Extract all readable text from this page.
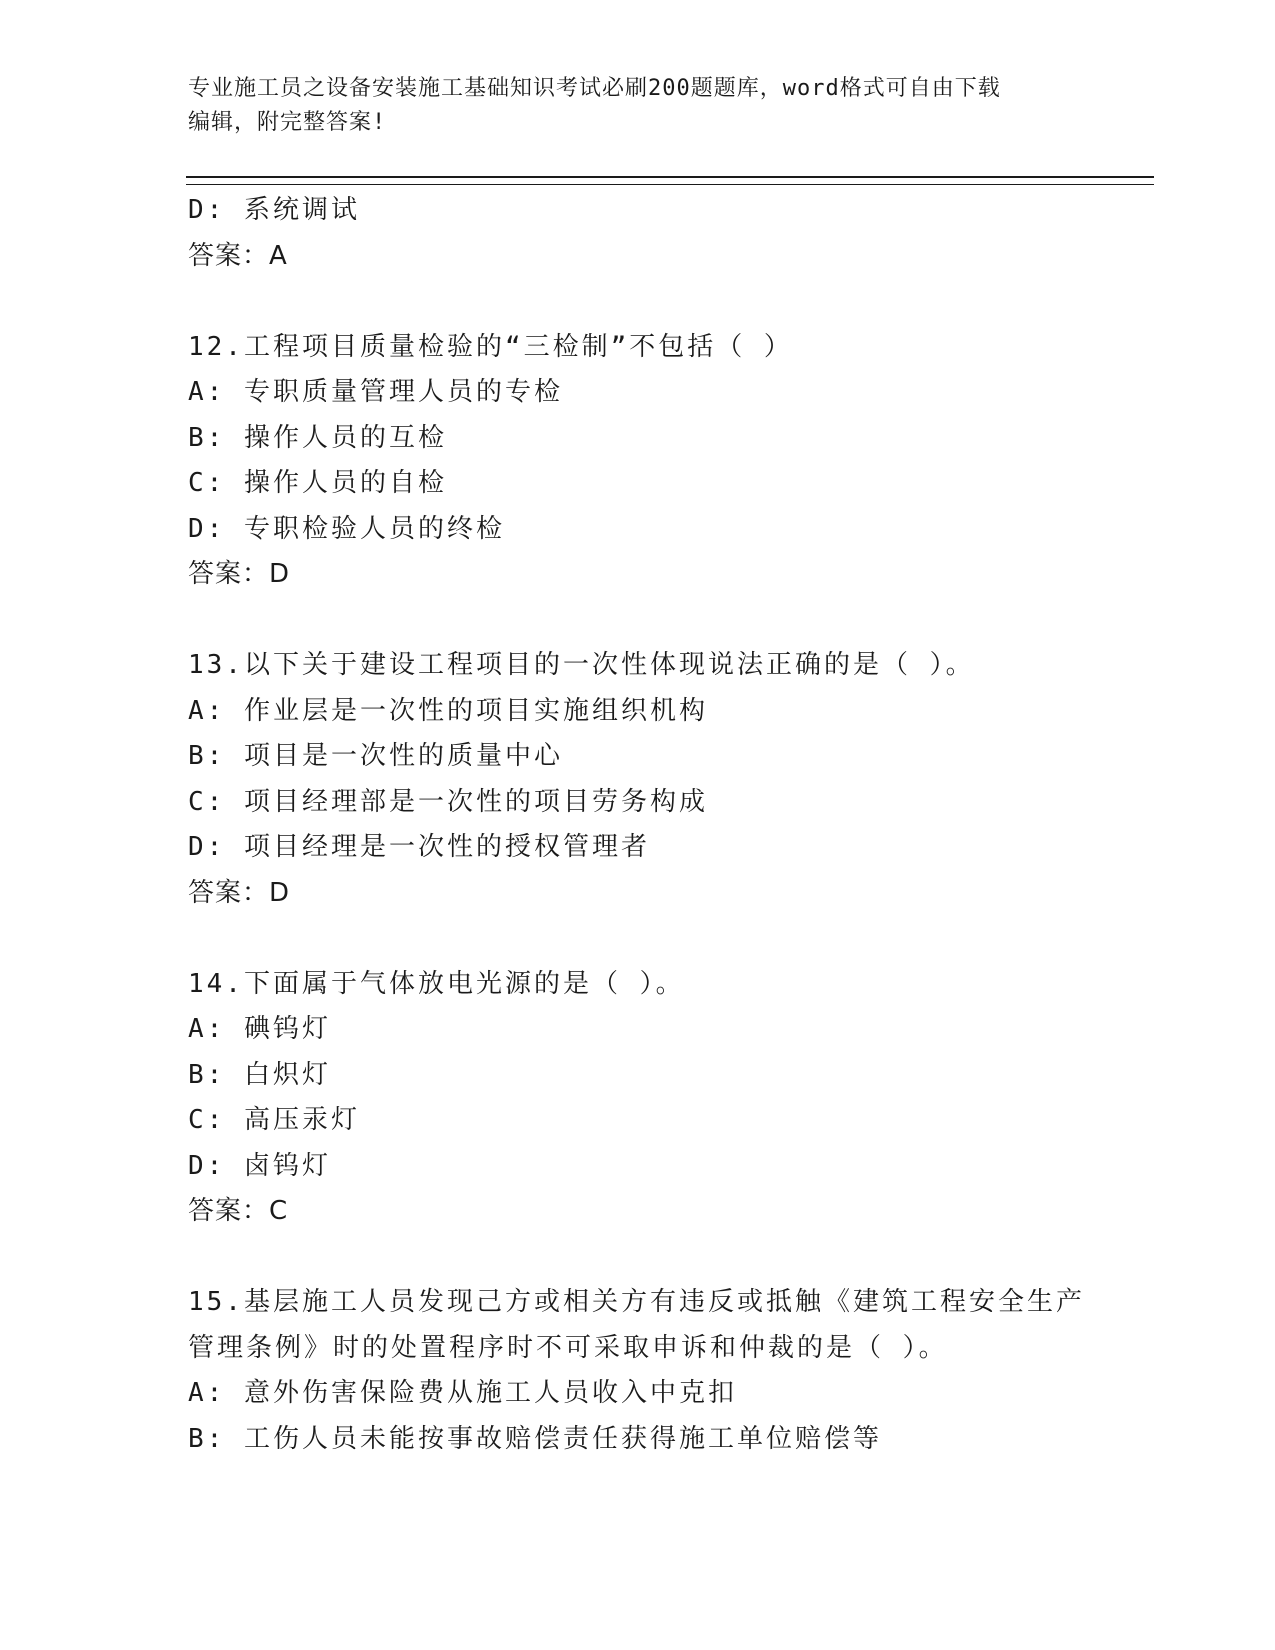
专业施工员之设备安装施工基础知识考试必刷200题题库，word格式可自由下载
编辑，附完整答案!
D: 系统调试
答案：A
12.工程项目质量检验的“三检制”不包括（ ）
A: 专职质量管理人员的专检
B: 操作人员的互检
C: 操作人员的自检
D: 专职检验人员的终检
答案：D
13.以下关于建设工程项目的一次性体现说法正确的是（ ）。
A: 作业层是一次性的项目实施组织机构
B: 项目是一次性的质量中心
C: 项目经理部是一次性的项目劳务构成
D: 项目经理是一次性的授权管理者
答案：D
14.下面属于气体放电光源的是（ ）。
A: 碘钨灯
B: 白炽灯
C: 高压汞灯
D: 卤钨灯
答案：C
15.基层施工人员发现己方或相关方有违反或抵触《建筑工程安全生产
管理条例》时的处置程序时不可采取申诉和仲裁的是（ ）。
A: 意外伤害保险费从施工人员收入中克扣
B: 工伤人员未能按事故赔偿责任获得施工单位赔偿等
